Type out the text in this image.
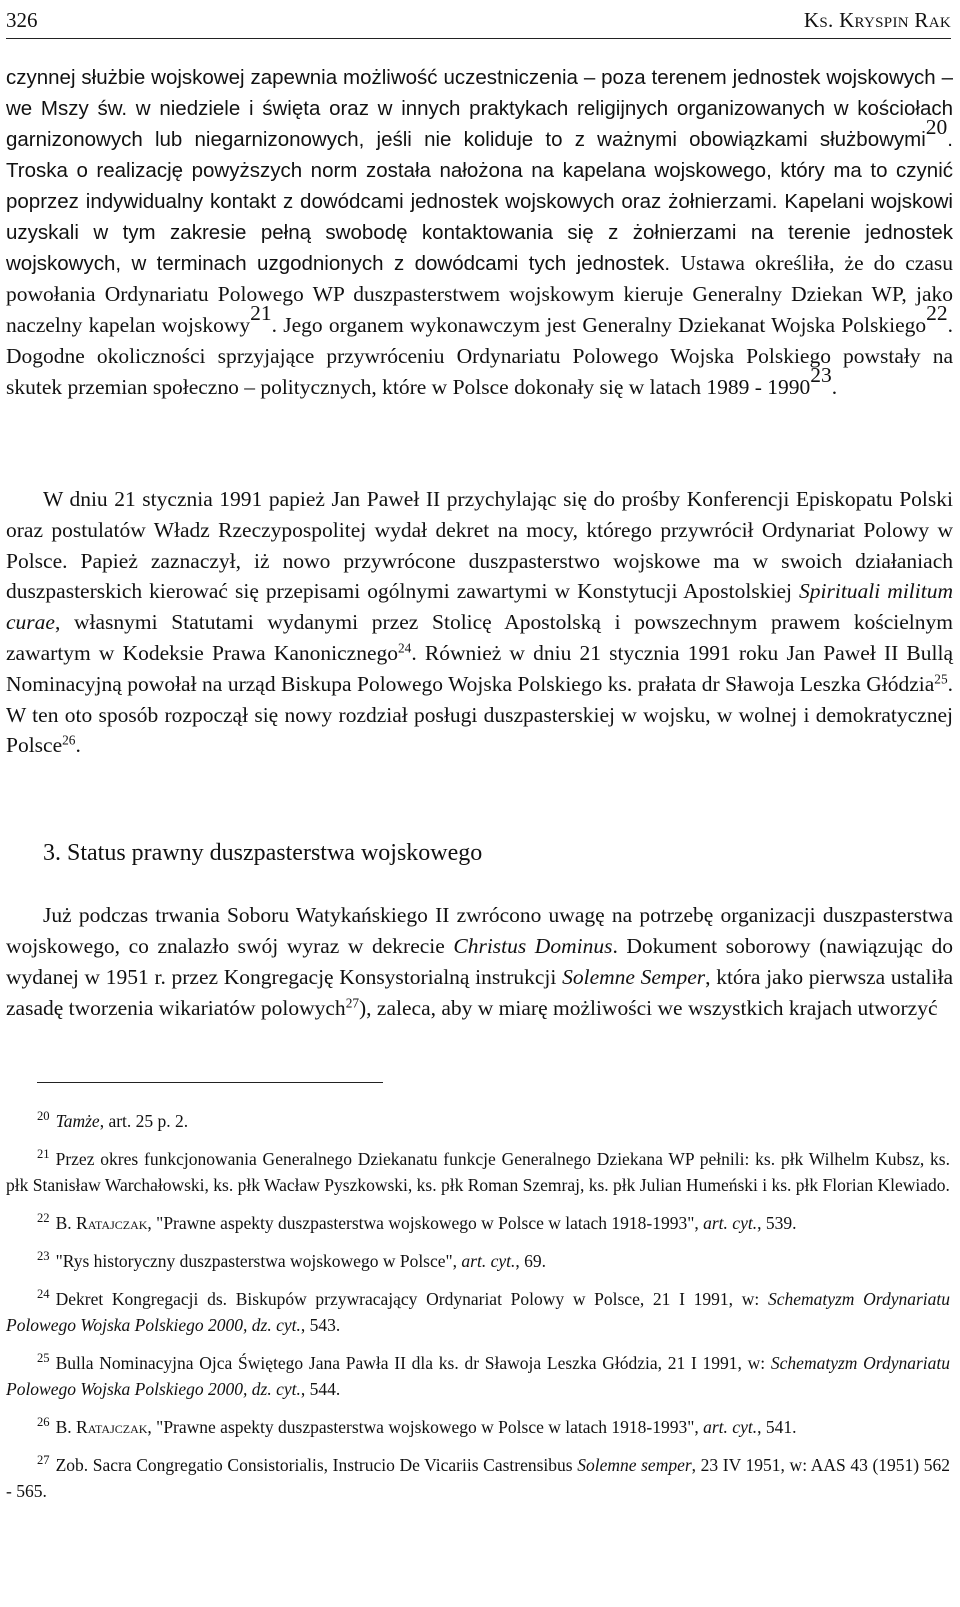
326	Ks. Kryspin Rak

czynnej służbie wojskowej zapewnia możliwość uczestniczenia – poza terenem jednostek wojskowych – we Mszy św. w niedziele i święta oraz w innych praktykach religijnych organizowanych w kościołach garnizonowych lub niegarnizonowych, jeśli nie koliduje to z ważnymi obowiązkami służbowymi$^{20}$. Troska o realizację powyższych norm została nałożona na kapelana wojskowego, który ma to czynić poprzez indywidualny kontakt z dowódcami jednostek wojskowych oraz żołnierzami. Kapelani wojskowi uzyskali w tym zakresie pełną swobodę kontaktowania się z żołnierzami na terenie jednostek wojskowych, w terminach uzgodnionych z dowódcami tych jednostek. Ustawa określiła, że do czasu powołania Ordynariatu Polowego WP duszpasterstwem wojskowym kieruje Generalny Dziekan WP, jako naczelny kapelan wojskowy$^{21}$. Jego organem wykonawczym jest Generalny Dziekanat Wojska Polskiego$^{22}$. Dogodne okoliczności sprzyjające przywróceniu Ordynariatu Polowego Wojska Polskiego powstały na skutek przemian społeczno – politycznych, które w Polsce dokonały się w latach 1989 - 1990$^{23}$.

W dniu 21 stycznia 1991 papież Jan Paweł II przychylając się do prośby Konferencji Episkopatu Polski oraz postulatów Władz Rzeczypospolitej wydał dekret na mocy, którego przywrócił Ordynariat Polowy w Polsce. Papież zaznaczył, iż nowo przywrócone duszpasterstwo wojskowe ma w swoich działaniach duszpasterskich kierować się przepisami ogólnymi zawartymi w Konstytucji Apostolskiej Spirituali militum curae, własnymi Statutami wydanymi przez Stolicę Apostolską i powszechnym prawem kościelnym zawartym w Kodeksie Prawa Kanonicznego$^{24}$. Również w dniu 21 stycznia 1991 roku Jan Paweł II Bullą Nominacyjną powołał na urząd Biskupa Polowego Wojska Polskiego ks. prałata dr Sławoja Leszka Głódzia$^{25}$. W ten oto sposób rozpoczął się nowy rozdział posługi duszpasterskiej w wojsku, w wolnej i demokratycznej Polsce$^{26}$.

3. Status prawny duszpasterstwa wojskowego

Już podczas trwania Soboru Watykańskiego II zwrócono uwagę na potrzebę organizacji duszpasterstwa wojskowego, co znalazło swój wyraz w dekrecie Christus Dominus. Dokument soborowy (nawiązując do wydanej w 1951 r. przez Kongregację Konsystorialną instrukcji Solemne Semper, która jako pierwsza ustaliła zasadę tworzenia wikariatów polowych$^{27}$), zaleca, aby w miarę możliwości we wszystkich krajach utworzyć

$^{20}$ Tamże, art. 25 p. 2.

$^{21}$ Przez okres funkcjonowania Generalnego Dziekanatu funkcje Generalnego Dziekana WP pełnili: ks. płk Wilhelm Kubsz, ks. płk Stanisław Warchałowski, ks. płk Wacław Pyszkowski, ks. płk Roman Szemraj, ks. płk Julian Humeński i ks. płk Florian Klewiado.

$^{22}$ B. Ratajczak, "Prawne aspekty duszpasterstwa wojskowego w Polsce w latach 1918-1993", art. cyt., 539.

$^{23}$ "Rys historyczny duszpasterstwa wojskowego w Polsce", art. cyt., 69.

$^{24}$ Dekret Kongregacji ds. Biskupów przywracający Ordynariat Polowy w Polsce, 21 I 1991, w: Schematyzm Ordynariatu Polowego Wojska Polskiego 2000, dz. cyt., 543.

$^{25}$ Bulla Nominacyjna Ojca Świętego Jana Pawła II dla ks. dr Sławoja Leszka Głódzia, 21 I 1991, w: Schematyzm Ordynariatu Polowego Wojska Polskiego 2000, dz. cyt., 544.

$^{26}$ B. Ratajczak, "Prawne aspekty duszpasterstwa wojskowego w Polsce w latach 1918-1993", art. cyt., 541.

$^{27}$ Zob. Sacra Congregatio Consistorialis, Instrucio De Vicariis Castrensibus Solemne semper, 23 IV 1951, w: AAS 43 (1951) 562 - 565.
